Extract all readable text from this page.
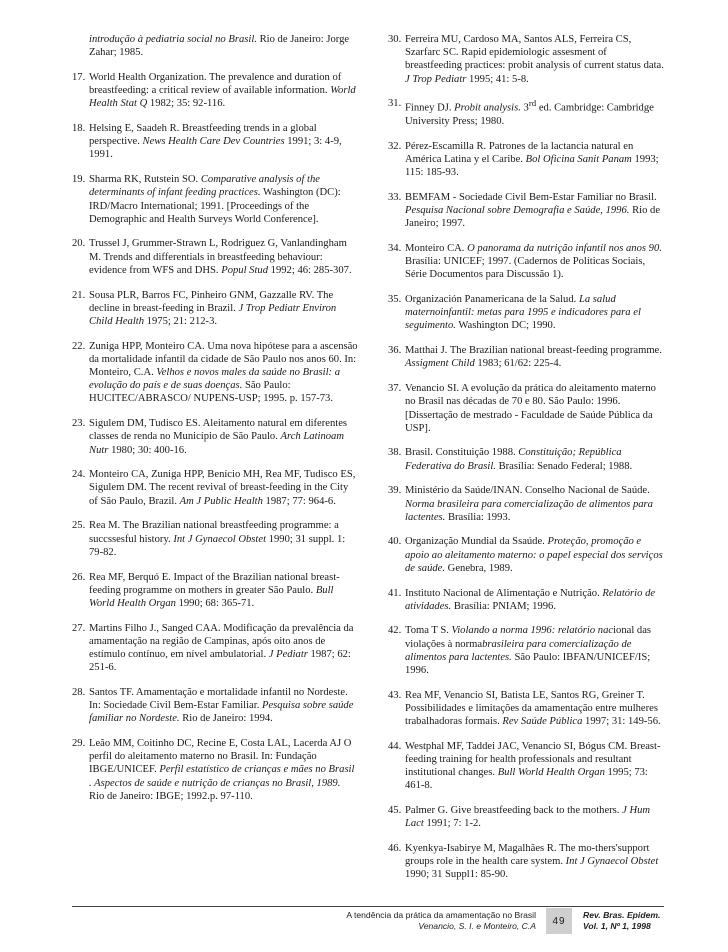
introdução à pediatria social no Brasil. Rio de Janeiro: Jorge Zahar; 1985.
17. World Health Organization. The prevalence and duration of breastfeeding: a critical review of available information. World Health Stat Q 1982; 35: 92-116.
18. Helsing E, Saadeh R. Breastfeeding trends in a global perspective. News Health Care Dev Countries 1991; 3: 4-9, 1991.
19. Sharma RK, Rutstein SO. Comparative analysis of the determinants of infant feeding practices. Washington (DC): IRD/Macro International; 1991. [Proceedings of the Demographic and Health Surveys World Conference].
20. Trussel J, Grummer-Strawn L, Rodriguez G, Vanlandingham M. Trends and differentials in breastfeeding behaviour: evidence from WFS and DHS. Popul Stud 1992; 46: 285-307.
21. Sousa PLR, Barros FC, Pinheiro GNM, Gazzalle RV. The decline in breast-feeding in Brazil. J Trop Pediatr Environ Child Health 1975; 21: 212-3.
22. Zuniga HPP, Monteiro CA. Uma nova hipótese para a ascensão da mortalidade infantil da cidade de São Paulo nos anos 60. In: Monteiro, C.A. Velhos e novos males da saúde no Brasil: a evolução do país e de suas doenças. São Paulo: HUCITEC/ABRASCO/ NUPENS-USP; 1995. p. 157-73.
23. Sigulem DM, Tudisco ES. Aleitamento natural em diferentes classes de renda no Município de São Paulo. Arch Latinoam Nutr 1980; 30: 400-16.
24. Monteiro CA, Zuniga HPP, Benício MH, Rea MF, Tudisco ES, Sigulem DM. The recent revival of breast-feeding in the City of São Paulo, Brazil. Am J Public Health 1987; 77: 964-6.
25. Rea M. The Brazilian national breastfeeding programme: a succssesful history. Int J Gynaecol Obstet 1990; 31 suppl. 1: 79-82.
26. Rea MF, Berquó E. Impact of the Brazilian national breast-feeding programme on mothers in greater São Paulo. Bull World Health Organ 1990; 68: 365-71.
27. Martins Filho J., Sanged CAA. Modificação da prevalência da amamentação na região de Campinas, após oito anos de estímulo contínuo, em nível ambulatorial. J Pediatr 1987; 62: 251-6.
28. Santos TF. Amamentação e mortalidade infantil no Nordeste. In: Sociedade Civil Bem-Estar Familiar. Pesquisa sobre saúde familiar no Nordeste. Rio de Janeiro: 1994.
29. Leão MM, Coitinho DC, Recine E, Costa LAL, Lacerda AJ O perfil do aleitamento materno no Brasil. In: Fundação IBGE/UNICEF. Perfil estatístico de crianças e mães no Brasil . Aspectos de saúde e nutrição de crianças no Brasil, 1989. Rio de Janeiro: IBGE; 1992.p. 97-110.
30. Ferreira MU, Cardoso MA, Santos ALS, Ferreira CS, Szarfarc SC. Rapid epidemiologic assesment of breastfeeding practices: probit analysis of current status data. J Trop Pediatr 1995; 41: 5-8.
31. Finney DJ. Probit analysis. 3rd ed. Cambridge: Cambridge University Press; 1980.
32. Pérez-Escamilla R. Patrones de la lactancia natural en América Latina y el Caribe. Bol Oficina Sanit Panam 1993; 115: 185-93.
33. BEMFAM - Sociedade Civil Bem-Estar Familiar no Brasil. Pesquisa Nacional sobre Demografia e Saúde, 1996. Rio de Janeiro; 1997.
34. Monteiro CA. O panorama da nutrição infantil nos anos 90. Brasília: UNICEF; 1997. (Cadernos de Políticas Sociais, Série Documentos para Discussão 1).
35. Organización Panamericana de la Salud. La salud maternoinfantil: metas para 1995 e indicadores para el seguimento. Washington DC; 1990.
36. Matthai J. The Brazilian national breast-feeding programme. Assigment Child 1983; 61/62: 225-4.
37. Venancio SI. A evolução da prática do aleitamento materno no Brasil nas décadas de 70 e 80. São Paulo: 1996.[Dissertação de mestrado - Faculdade de Saúde Pública da USP].
38. Brasil. Constituição 1988. Constituição; República Federativa do Brasil. Brasília: Senado Federal; 1988.
39. Ministério da Saúde/INAN. Conselho Nacional de Saúde. Norma brasileira para comercialização de alimentos para lactentes. Brasília: 1993.
40. Organização Mundial da Ssaúde. Proteção, promoção e apoio ao aleitamento materno: o papel especial dos serviços de saúde. Genebra, 1989.
41. Instituto Nacional de Alimentação e Nutrição. Relatório de atividades. Brasília: PNIAM; 1996.
42. Toma T S. Violando a norma 1996: relatório nacional das violações à normabrasileira para comercialização de alimentos para lactentes. São Paulo: IBFAN/UNICEF/IS; 1996.
43. Rea MF, Venancio SI, Batista LE, Santos RG, Greiner T. Possibilidades e limitações da amamentação entre mulheres trabalhadoras formais. Rev Saúde Pública 1997; 31: 149-56.
44. Westphal MF, Taddei JAC, Venancio SI, Bógus CM. Breast-feeding training for health professionals and resultant institutional changes. Bull World Health Organ 1995; 73: 461-8.
45. Palmer G. Give breastfeeding back to the mothers. J Hum Lact 1991; 7: 1-2.
46. Kyenkya-Isabirye M, Magalhães R. The mo-thers'support groups role in the health care system. Int J Gynaecol Obstet 1990; 31 Suppl1: 85-90.
A tendência da prática da amamentação no Brasil
Venancio, S. I. e Monteiro, C.A	49
Rev. Bras. Epidem.
Vol. 1, Nº 1, 1998
